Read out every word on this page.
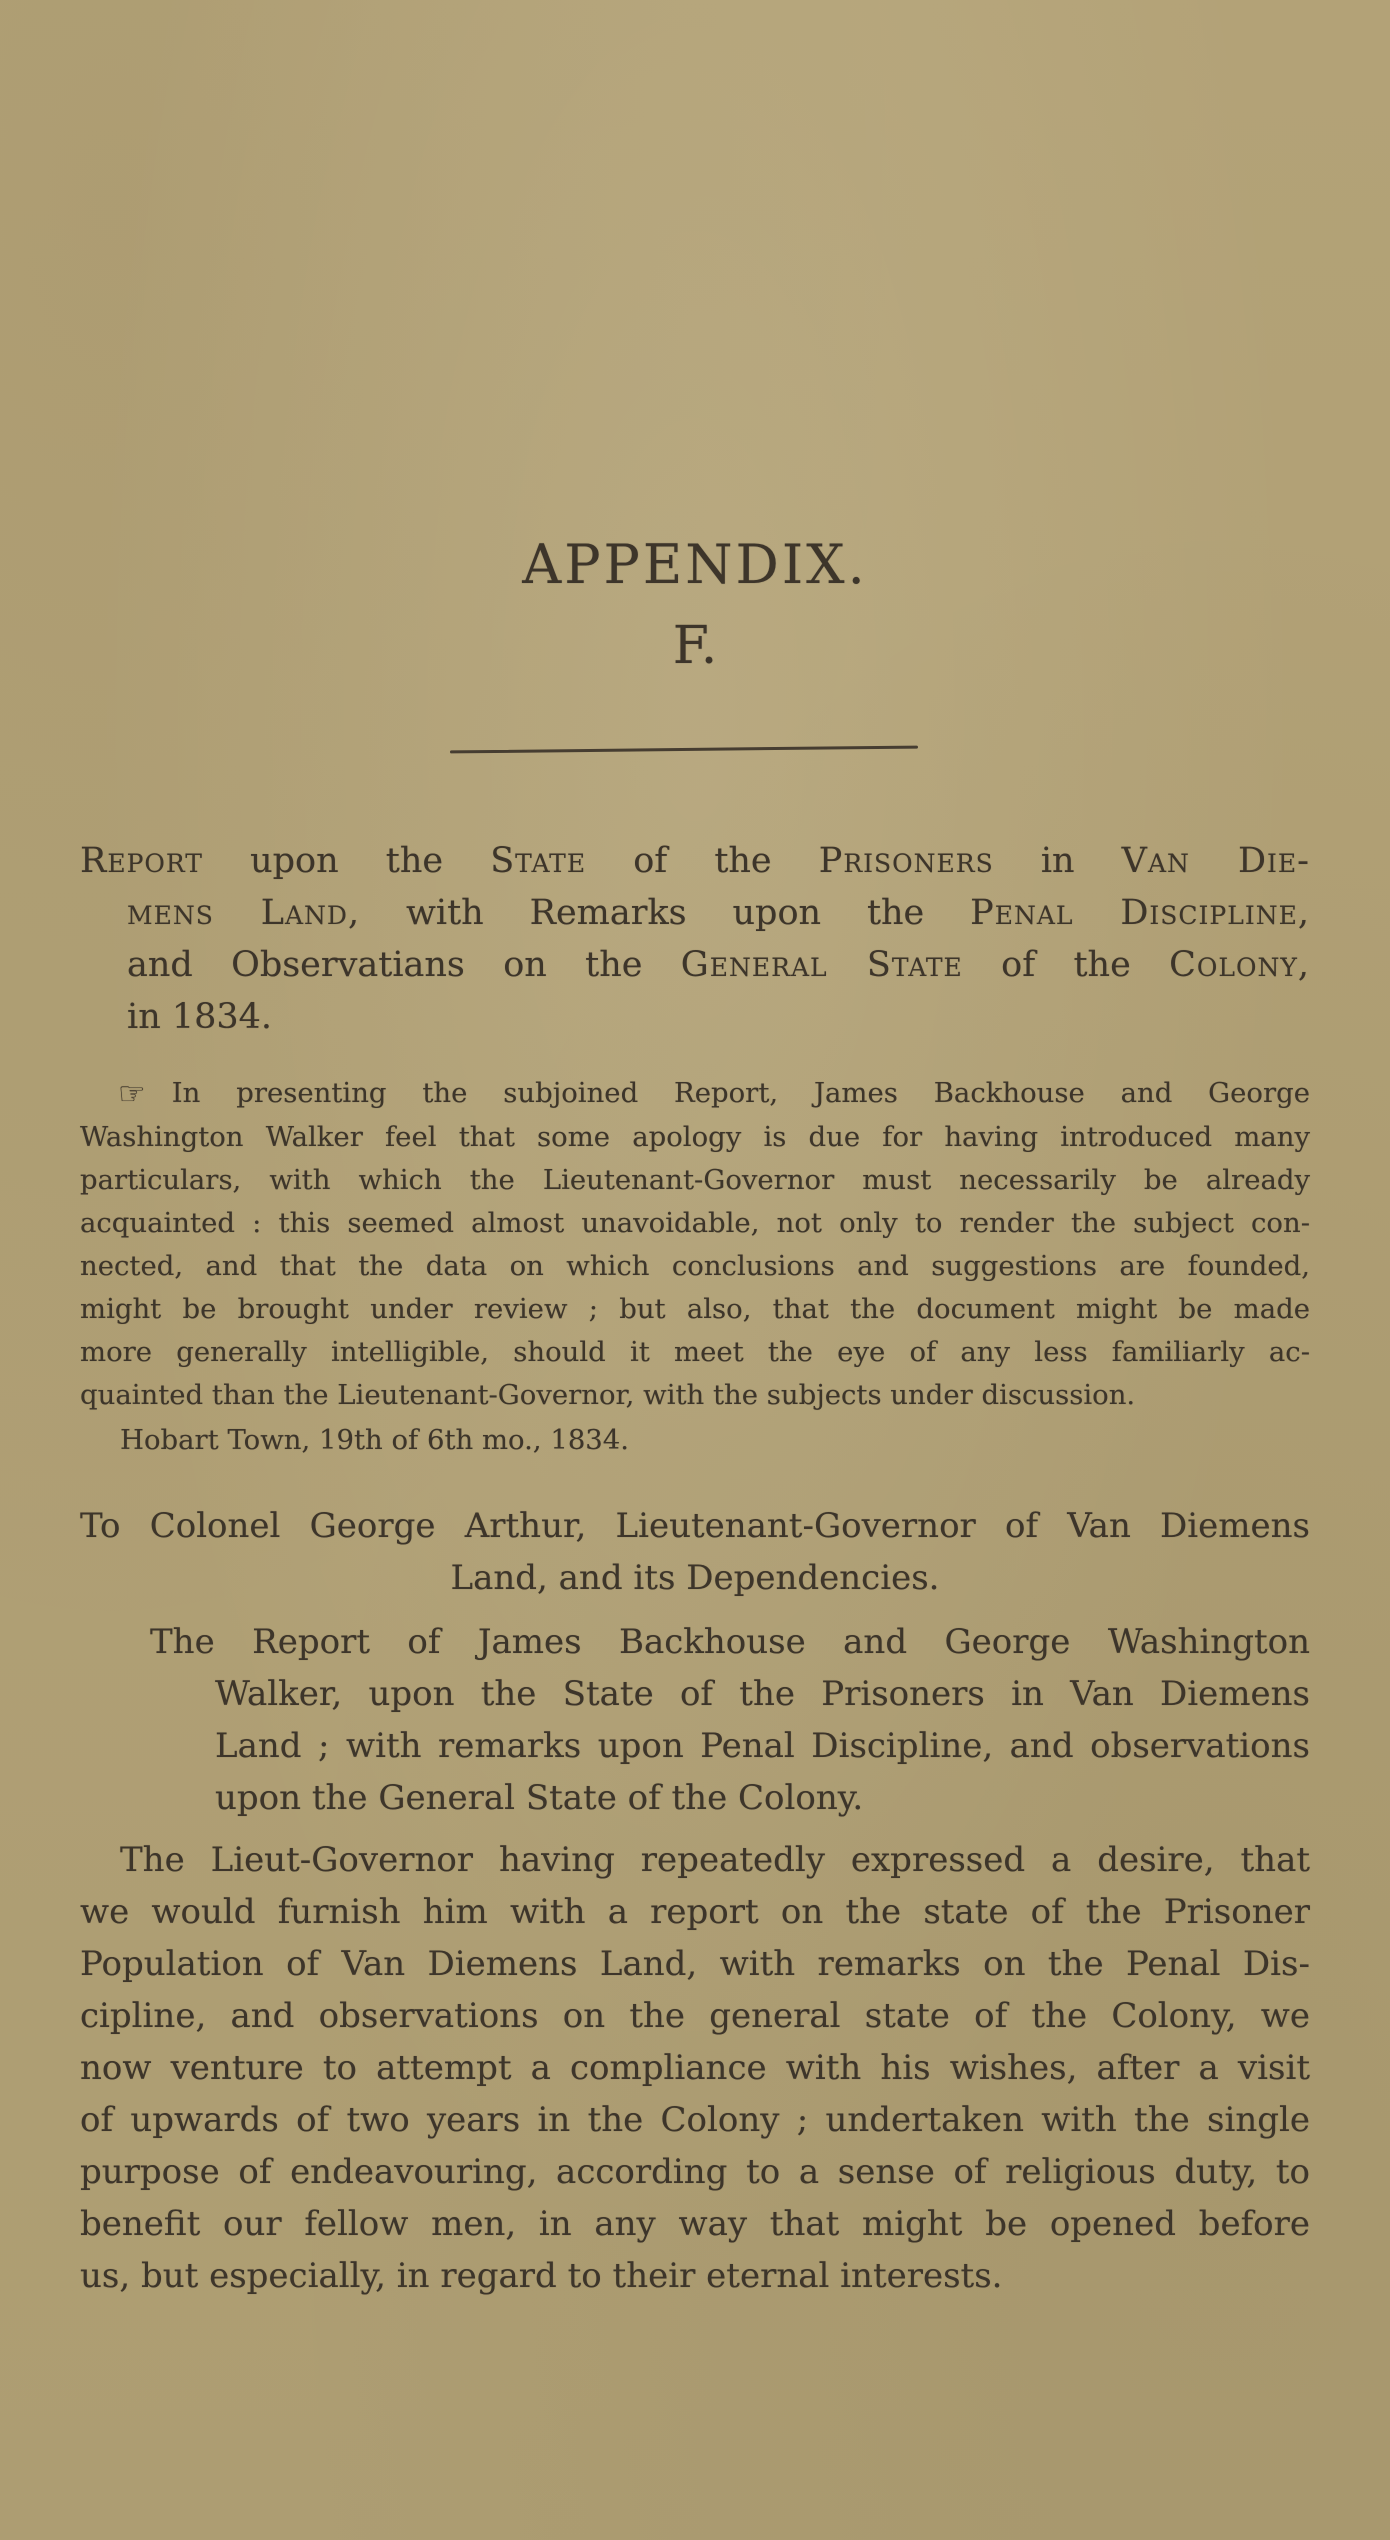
APPENDIX.
F.
Report upon the State of the Prisoners in Van Die-
mens Land, with Remarks upon the Penal Discipline,
and Observatians on the General State of the Colony,
in 1834.
☞ In presenting the subjoined Report, James Backhouse and George
Washington Walker feel that some apology is due for having introduced many
particulars, with which the Lieutenant-Governor must necessarily be already
acquainted : this seemed almost unavoidable, not only to render the subject con-
nected, and that the data on which conclusions and suggestions are founded,
might be brought under review ; but also, that the document might be made
more generally intelligible, should it meet the eye of any less familiarly ac-
quainted than the Lieutenant-Governor, with the subjects under discussion.
Hobart Town, 19th of 6th mo., 1834.
To Colonel George Arthur, Lieutenant-Governor of Van Diemens
Land, and its Dependencies.
The Report of James Backhouse and George Washington
Walker, upon the State of the Prisoners in Van Diemens
Land ; with remarks upon Penal Discipline, and observations
upon the General State of the Colony.
The Lieut-Governor having repeatedly expressed a desire, that
we would furnish him with a report on the state of the Prisoner
Population of Van Diemens Land, with remarks on the Penal Dis-
cipline, and observations on the general state of the Colony, we
now venture to attempt a compliance with his wishes, after a visit
of upwards of two years in the Colony ; undertaken with the single
purpose of endeavouring, according to a sense of religious duty, to
benefit our fellow men, in any way that might be opened before
us, but especially, in regard to their eternal interests.
